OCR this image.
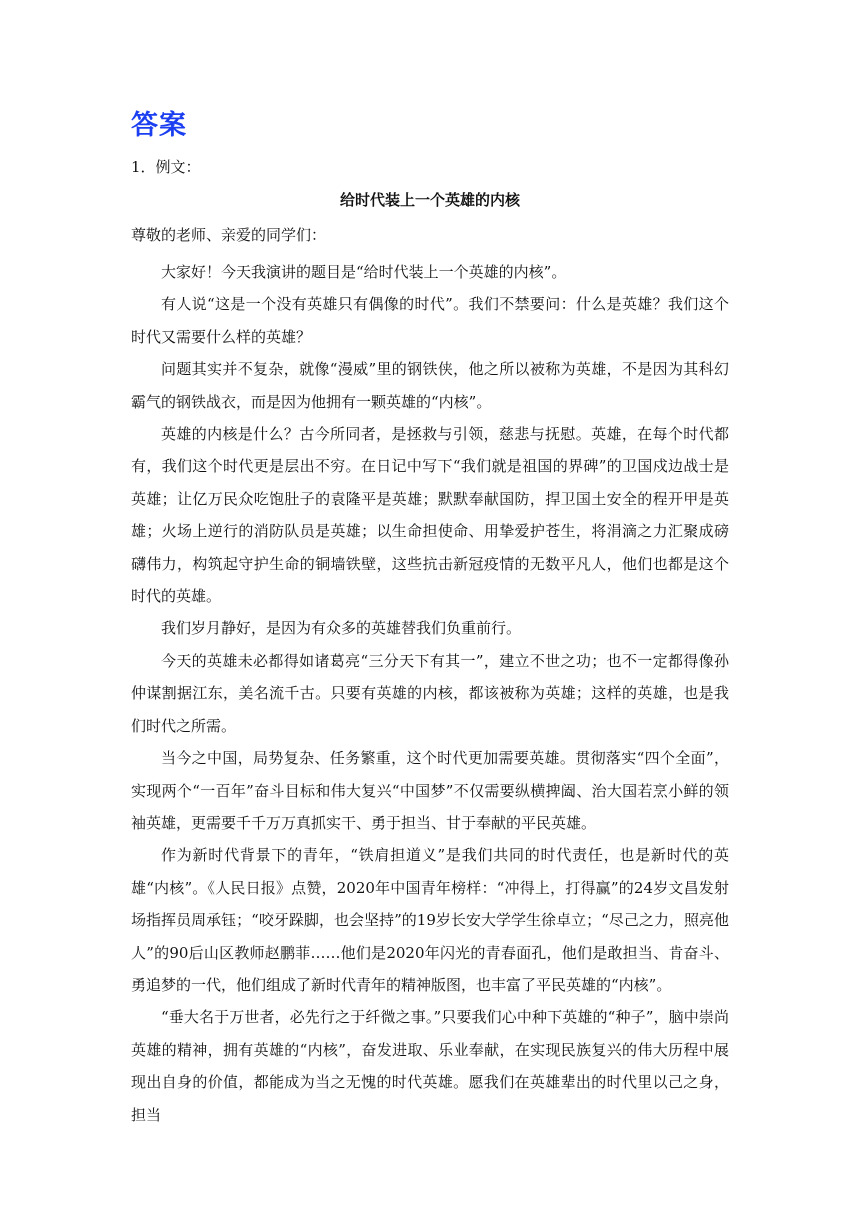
答案
1．例文：
给时代装上一个英雄的内核
尊敬的老师、亲爱的同学们：

大家好！今天我演讲的题目是“给时代装上一个英雄的内核”。

有人说“这是一个没有英雄只有偶像的时代”。我们不禁要问：什么是英雄？我们这个时代又需要什么样的英雄？

问题其实并不复杂，就像“漫威”里的钢铁侠，他之所以被称为英雄，不是因为其科幻霸气的钢铁战衣，而是因为他拥有一颗英雄的“内核”。

英雄的内核是什么？古今所同者，是拯救与引领，慈悲与抚慰。英雄，在每个时代都有，我们这个时代更是层出不穷。在日记中写下“我们就是祖国的界碑”的卫国戍边战士是英雄；让亿万民众吃饱肚子的袁隆平是英雄；默默奉献国防，捍卫国土安全的程开甲是英雄；火场上逆行的消防队员是英雄；以生命担使命、用挚爱护苍生，将涓滴之力汇聚成磅礴伟力，构筑起守护生命的铜墙铁壁，这些抗击新冠疫情的无数平凡人，他们也都是这个时代的英雄。

我们岁月静好，是因为有众多的英雄替我们负重前行。

今天的英雄未必都得如诸葛亮“三分天下有其一”，建立不世之功；也不一定都得像孙仲谋割据江东，美名流千古。只要有英雄的内核，都该被称为英雄；这样的英雄，也是我们时代之所需。

当今之中国，局势复杂、任务繁重，这个时代更加需要英雄。贯彻落实“四个全面”，实现两个“一百年”奋斗目标和伟大复兴“中国梦”不仅需要纵横捭阖、治大国若烹小鲜的领袖英雄，更需要千千万万真抓实干、勇于担当、甘于奉献的平民英雄。

作为新时代背景下的青年，“铁肩担道义”是我们共同的时代责任，也是新时代的英雄“内核”。《人民日报》点赞，2020年中国青年榜样：“冲得上，打得赢”的24岁文昌发射场指挥员周承钰；“咬牙跺脚，也会坚持”的19岁长安大学学生徐卓立；“尽己之力，照亮他人”的90后山区教师赵鹏菲……他们是2020年闪光的青春面孔，他们是敢担当、肯奋斗、勇追梦的一代，他们组成了新时代青年的精神版图，也丰富了平民英雄的“内核”。

“垂大名于万世者，必先行之于纤微之事。”只要我们心中种下英雄的“种子”，脑中崇尚英雄的精神，拥有英雄的“内核”，奋发进取、乐业奉献，在实现民族复兴的伟大历程中展现出自身的价值，都能成为当之无愧的时代英雄。愿我们在英雄辈出的时代里以己之身，担当
